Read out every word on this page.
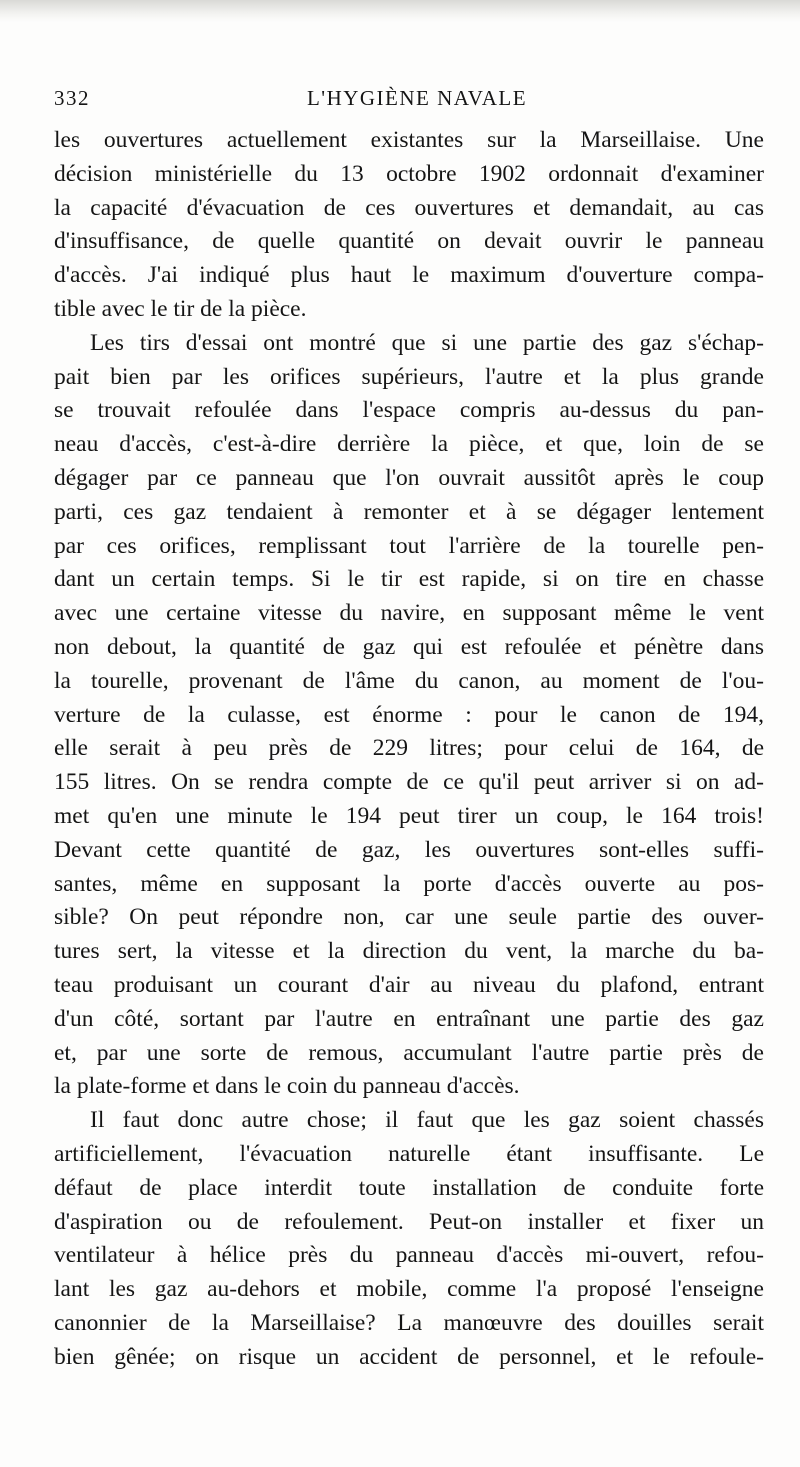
332	L'HYGIÈNE NAVALE
les ouvertures actuellement existantes sur la Marseillaise. Une
décision ministérielle du 13 octobre 1902 ordonnait d'examiner
la capacité d'évacuation de ces ouvertures et demandait, au cas
d'insuffisance, de quelle quantité on devait ouvrir le panneau
d'accès. J'ai indiqué plus haut le maximum d'ouverture compa-
tible avec le tir de la pièce.
Les tirs d'essai ont montré que si une partie des gaz s'échap-
pait bien par les orifices supérieurs, l'autre et la plus grande
se trouvait refoulée dans l'espace compris au-dessus du pan-
neau d'accès, c'est-à-dire derrière la pièce, et que, loin de se
dégager par ce panneau que l'on ouvrait aussitôt après le coup
parti, ces gaz tendaient à remonter et à se dégager lentement
par ces orifices, remplissant tout l'arrière de la tourelle pen-
dant un certain temps. Si le tir est rapide, si on tire en chasse
avec une certaine vitesse du navire, en supposant même le vent
non debout, la quantité de gaz qui est refoulée et pénètre dans
la tourelle, provenant de l'âme du canon, au moment de l'ou-
verture de la culasse, est énorme : pour le canon de 194,
elle serait à peu près de 229 litres; pour celui de 164, de
155 litres. On se rendra compte de ce qu'il peut arriver si on ad-
met qu'en une minute le 194 peut tirer un coup, le 164 trois!
Devant cette quantité de gaz, les ouvertures sont-elles suffi-
santes, même en supposant la porte d'accès ouverte au pos-
sible? On peut répondre non, car une seule partie des ouver-
tures sert, la vitesse et la direction du vent, la marche du ba-
teau produisant un courant d'air au niveau du plafond, entrant
d'un côté, sortant par l'autre en entraînant une partie des gaz
et, par une sorte de remous, accumulant l'autre partie près de
la plate-forme et dans le coin du panneau d'accès.
Il faut donc autre chose; il faut que les gaz soient chassés
artificiellement, l'évacuation naturelle étant insuffisante. Le
défaut de place interdit toute installation de conduite forte
d'aspiration ou de refoulement. Peut-on installer et fixer un
ventilateur à hélice près du panneau d'accès mi-ouvert, refou-
lant les gaz au-dehors et mobile, comme l'a proposé l'enseigne
canonnier de la Marseillaise? La manœuvre des douilles serait
bien gênée; on risque un accident de personnel, et le refoule-
